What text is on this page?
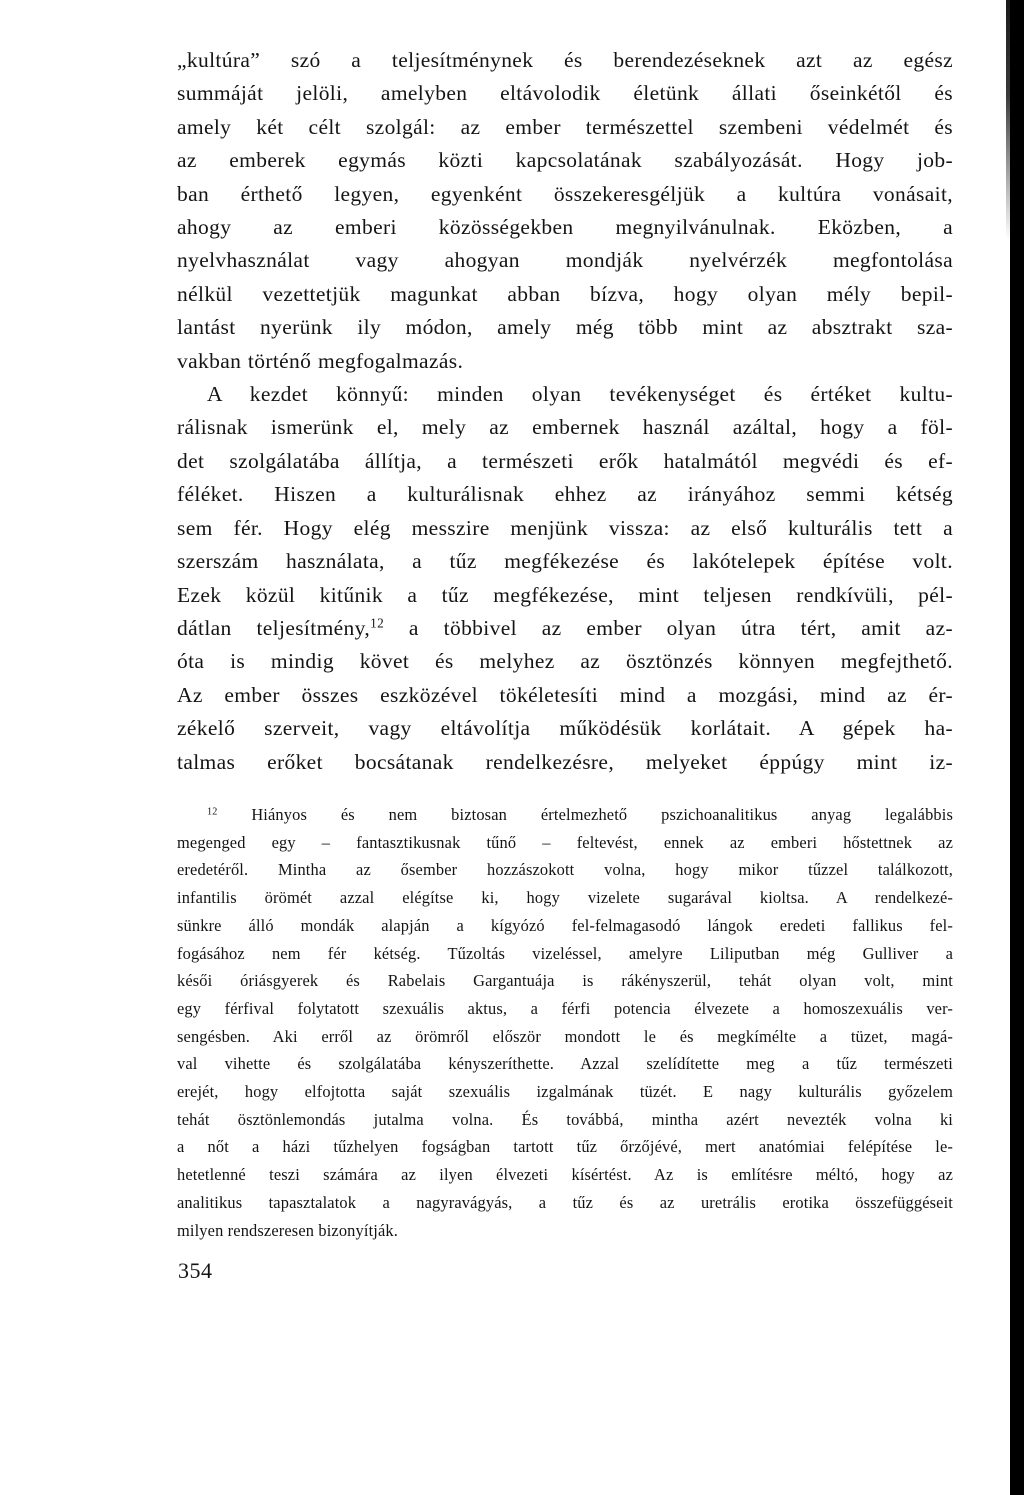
„kultúra” szó a teljesítménynek és berendezéseknek azt az egész
summáját jelöli, amelyben eltávolodik életünk állati őseinkétől és
amely két célt szolgál: az ember természettel szembeni védelmét és
az emberek egymás közti kapcsolatának szabályozását. Hogy job-
ban érthető legyen, egyenként összekeresgéljük a kultúra vonásait,
ahogy az emberi közösségekben megnyilvánulnak. Eközben, a
nyelvhasználat vagy ahogyan mondják nyelvérzék megfontolása
nélkül vezettetjük magunkat abban bízva, hogy olyan mély bepil-
lantást nyerünk ily módon, amely még több mint az absztrakt sza-
vakban történő megfogalmazás.
A kezdet könnyű: minden olyan tevékenységet és értéket kultu-
rálisnak ismerünk el, mely az embernek használ azáltal, hogy a föl-
det szolgálatába állítja, a természeti erők hatalmától megvédi és ef-
féléket. Hiszen a kulturálisnak ehhez az irányához semmi kétség
sem fér. Hogy elég messzire menjünk vissza: az első kulturális tett a
szerszám használata, a tűz megfékezése és lakótelepek építése volt.
Ezek közül kitűnik a tűz megfékezése, mint teljesen rendkívüli, pél-
dátlan teljesítmény,$^{12}$ a többivel az ember olyan útra tért, amit az-
óta is mindig követ és melyhez az ösztönzés könnyen megfejthető.
Az ember összes eszközével tökéletesíti mind a mozgási, mind az ér-
zékelő szerveit, vagy eltávolítja működésük korlátait. A gépek ha-
talmas erőket bocsátanak rendelkezésre, melyeket éppúgy mint iz-
$^{12}$ Hiányos és nem biztosan értelmezhető pszichoanalitikus anyag legalábbis
megenged egy – fantasztikusnak tűnő – feltevést, ennek az emberi hőstettnek az
eredetéről. Mintha az ősember hozzászokott volna, hogy mikor tűzzel találkozott,
infantilis örömét azzal elégítse ki, hogy vizelete sugarával kioltsa. A rendelkezé-
sünkre álló mondák alapján a kígyózó fel-felmagasodó lángok eredeti fallikus fel-
fogásához nem fér kétség. Tűzoltás vizeléssel, amelyre Liliputban még Gulliver a
késői óriásgyerek és Rabelais Gargantuája is rákényszerül, tehát olyan volt, mint
egy férfival folytatott szexuális aktus, a férfi potencia élvezete a homoszexuális ver-
sengésben. Aki erről az örömről először mondott le és megkímélte a tüzet, magá-
val vihette és szolgálatába kényszeríthette. Azzal szelídítette meg a tűz természeti
erejét, hogy elfojtotta saját szexuális izgalmának tüzét. E nagy kulturális győzelem
tehát ösztönlemondás jutalma volna. És továbbá, mintha azért nevezték volna ki
a nőt a házi tűzhelyen fogságban tartott tűz őrzőjévé, mert anatómiai felépítése le-
hetetlenné teszi számára az ilyen élvezeti kísértést. Az is említésre méltó, hogy az
analitikus tapasztalatok a nagyravágyás, a tűz és az uretrális erotika összefüggéseit
milyen rendszeresen bizonyítják.
354
